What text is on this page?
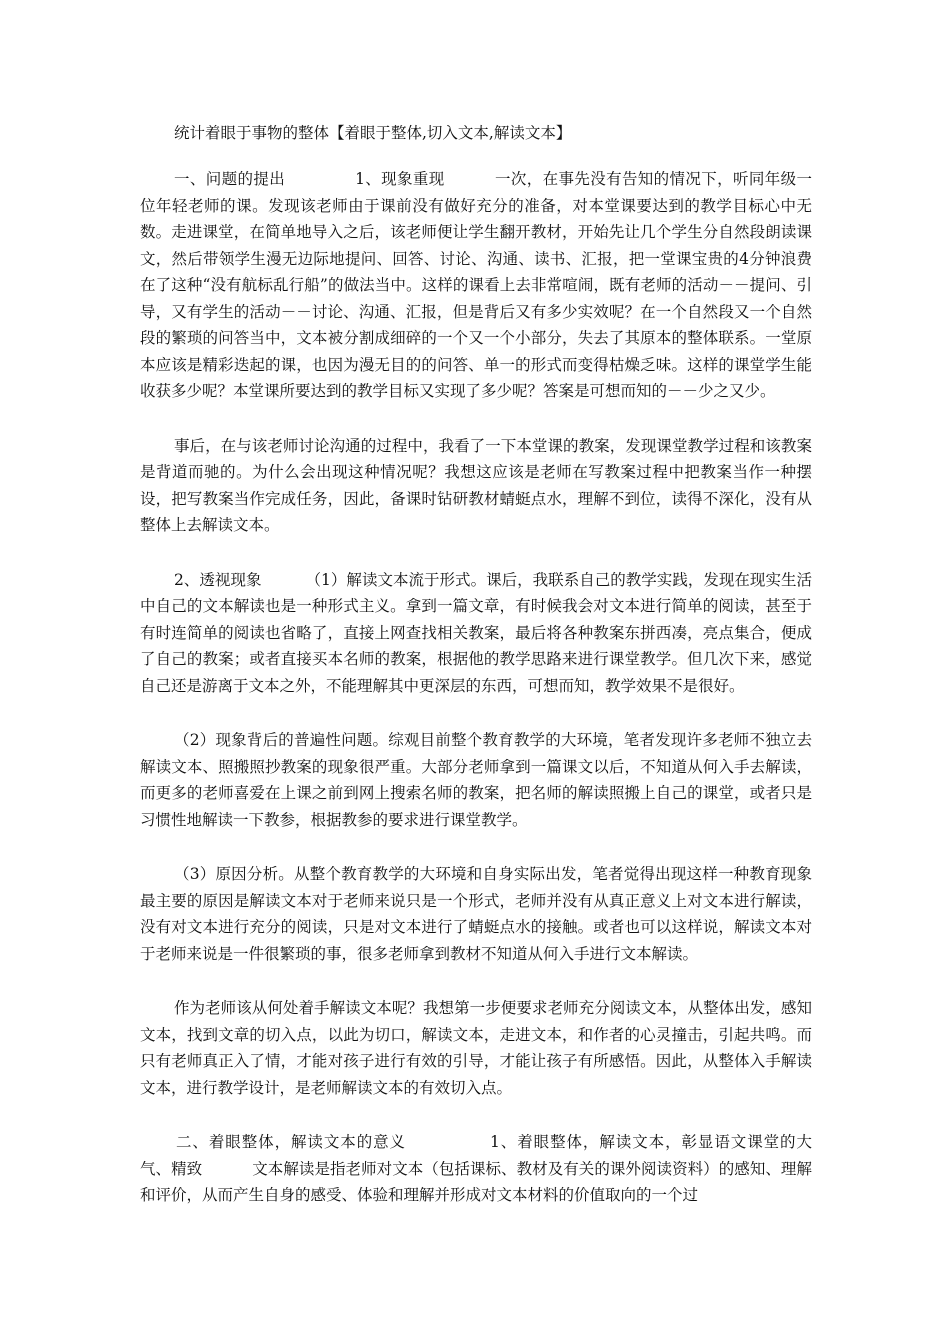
统计着眼于事物的整体【着眼于整体,切入文本,解读文本】

一、问题的提出	1、现象重现	一次，在事先没有告知的情况下，听同年级一位年轻老师的课。发现该老师由于课前没有做好充分的准备，对本堂课要达到的教学目标心中无数。走进课堂，在简单地导入之后，该老师便让学生翻开教材，开始先让几个学生分自然段朗读课文，然后带领学生漫无边际地提问、回答、讨论、沟通、读书、汇报，把一堂课宝贵的4分钟浪费在了这种“没有航标乱行船”的做法当中。这样的课看上去非常喧闹，既有老师的活动－－提问、引导，又有学生的活动－－讨论、沟通、汇报，但是背后又有多少实效呢？在一个自然段又一个自然段的繁琐的问答当中，文本被分割成细碎的一个又一个小部分，失去了其原本的整体联系。一堂原本应该是精彩迭起的课，也因为漫无目的的问答、单一的形式而变得枯燥乏味。这样的课堂学生能收获多少呢？本堂课所要达到的教学目标又实现了多少呢？答案是可想而知的－－少之又少。

事后，在与该老师讨论沟通的过程中，我看了一下本堂课的教案，发现课堂教学过程和该教案是背道而驰的。为什么会出现这种情况呢？我想这应该是老师在写教案过程中把教案当作一种摆设，把写教案当作完成任务，因此，备课时钻研教材蜻蜓点水，理解不到位，读得不深化，没有从整体上去解读文本。

2、透视现象	（1）解读文本流于形式。课后，我联系自己的教学实践，发现在现实生活中自己的文本解读也是一种形式主义。拿到一篇文章，有时候我会对文本进行简单的阅读，甚至于有时连简单的阅读也省略了，直接上网查找相关教案，最后将各种教案东拼西凑，亮点集合，便成了自己的教案；或者直接买本名师的教案，根据他的教学思路来进行课堂教学。但几次下来，感觉自己还是游离于文本之外，不能理解其中更深层的东西，可想而知，教学效果不是很好。

（2）现象背后的普遍性问题。综观目前整个教育教学的大环境，笔者发现许多老师不独立去解读文本、照搬照抄教案的现象很严重。大部分老师拿到一篇课文以后，不知道从何入手去解读，而更多的老师喜爱在上课之前到网上搜索名师的教案，把名师的解读照搬上自己的课堂，或者只是习惯性地解读一下教参，根据教参的要求进行课堂教学。

（3）原因分析。从整个教育教学的大环境和自身实际出发，笔者觉得出现这样一种教育现象最主要的原因是解读文本对于老师来说只是一个形式，老师并没有从真正意义上对文本进行解读，没有对文本进行充分的阅读，只是对文本进行了蜻蜓点水的接触。或者也可以这样说，解读文本对于老师来说是一件很繁琐的事，很多老师拿到教材不知道从何入手进行文本解读。

作为老师该从何处着手解读文本呢？我想第一步便要求老师充分阅读文本，从整体出发，感知文本，找到文章的切入点，以此为切口，解读文本，走进文本，和作者的心灵撞击，引起共鸣。而只有老师真正入了情，才能对孩子进行有效的引导，才能让孩子有所感悟。因此，从整体入手解读文本，进行教学设计，是老师解读文本的有效切入点。

二、着眼整体，解读文本的意义	1、着眼整体，解读文本，彰显语文课堂的大气、精致	文本解读是指老师对文本（包括课标、教材及有关的课外阅读资料）的感知、理解和评价，从而产生自身的感受、体验和理解并形成对文本材料的价值取向的一个过
